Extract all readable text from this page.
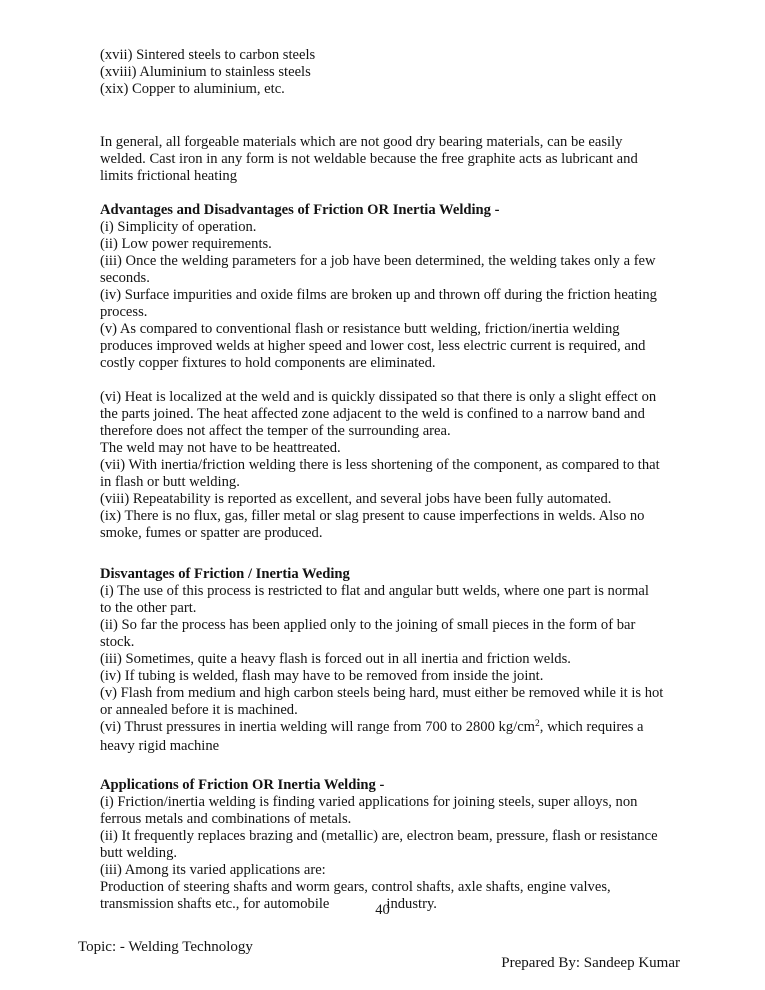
(xvii) Sintered steels to carbon steels
(xviii) Aluminium to stainless steels
(xix) Copper to aluminium, etc.
In general, all forgeable materials which are not good dry bearing materials, can be easily
welded. Cast iron in any form is not weldable because the free graphite acts as lubricant and
limits frictional heating
Advantages and Disadvantages of Friction OR Inertia Welding -
(i) Simplicity of operation.
(ii) Low power requirements.
(iii) Once the welding parameters for a job have been determined, the welding takes only a few
seconds.
(iv) Surface impurities and oxide films are broken up and thrown off during the friction heating
process.
(v) As compared to conventional flash or resistance butt welding, friction/inertia welding
produces improved welds at higher speed and lower cost, less electric current is required, and
costly copper fixtures to hold components are eliminated.
(vi) Heat is localized at the weld and is quickly dissipated so that there is only a slight effect on
the parts joined. The heat affected zone adjacent to the weld is confined to a narrow band and
therefore does not affect the temper of the surrounding area.
The weld may not have to be heattreated.
(vii) With inertia/friction welding there is less shortening of the component, as compared to that
in flash or butt welding.
(viii) Repeatability is reported as excellent, and several jobs have been fully automated.
(ix) There is no flux, gas, filler metal or slag present to cause imperfections in welds. Also no
smoke, fumes or spatter are produced.
Disvantages of Friction / Inertia Weding
(i) The use of this process is restricted to flat and angular butt welds, where one part is normal
to the other part.
(ii) So far the process has been applied only to the joining of small pieces in the form of bar
stock.
(iii) Sometimes, quite a heavy flash is forced out in all inertia and friction welds.
(iv) If tubing is welded, flash may have to be removed from inside the joint.
(v) Flash from medium and high carbon steels being hard, must either be removed while it is hot
or annealed before it is machined.
(vi) Thrust pressures in inertia welding will range from 700 to 2800 $kg/cm^2$, which requires a
heavy rigid machine
Applications of Friction OR Inertia Welding -
(i) Friction/inertia welding is finding varied applications for joining steels, super alloys, non
ferrous metals and combinations of metals.
(ii) It frequently replaces brazing and (metallic) are, electron beam, pressure, flash or resistance
butt welding.
(iii) Among its varied applications are:
Production of steering shafts and worm gears, control shafts, axle shafts, engine valves,
transmission shafts etc., for automobile	industry.
40
Topic: - Welding Technology
Prepared By: Sandeep Kumar
